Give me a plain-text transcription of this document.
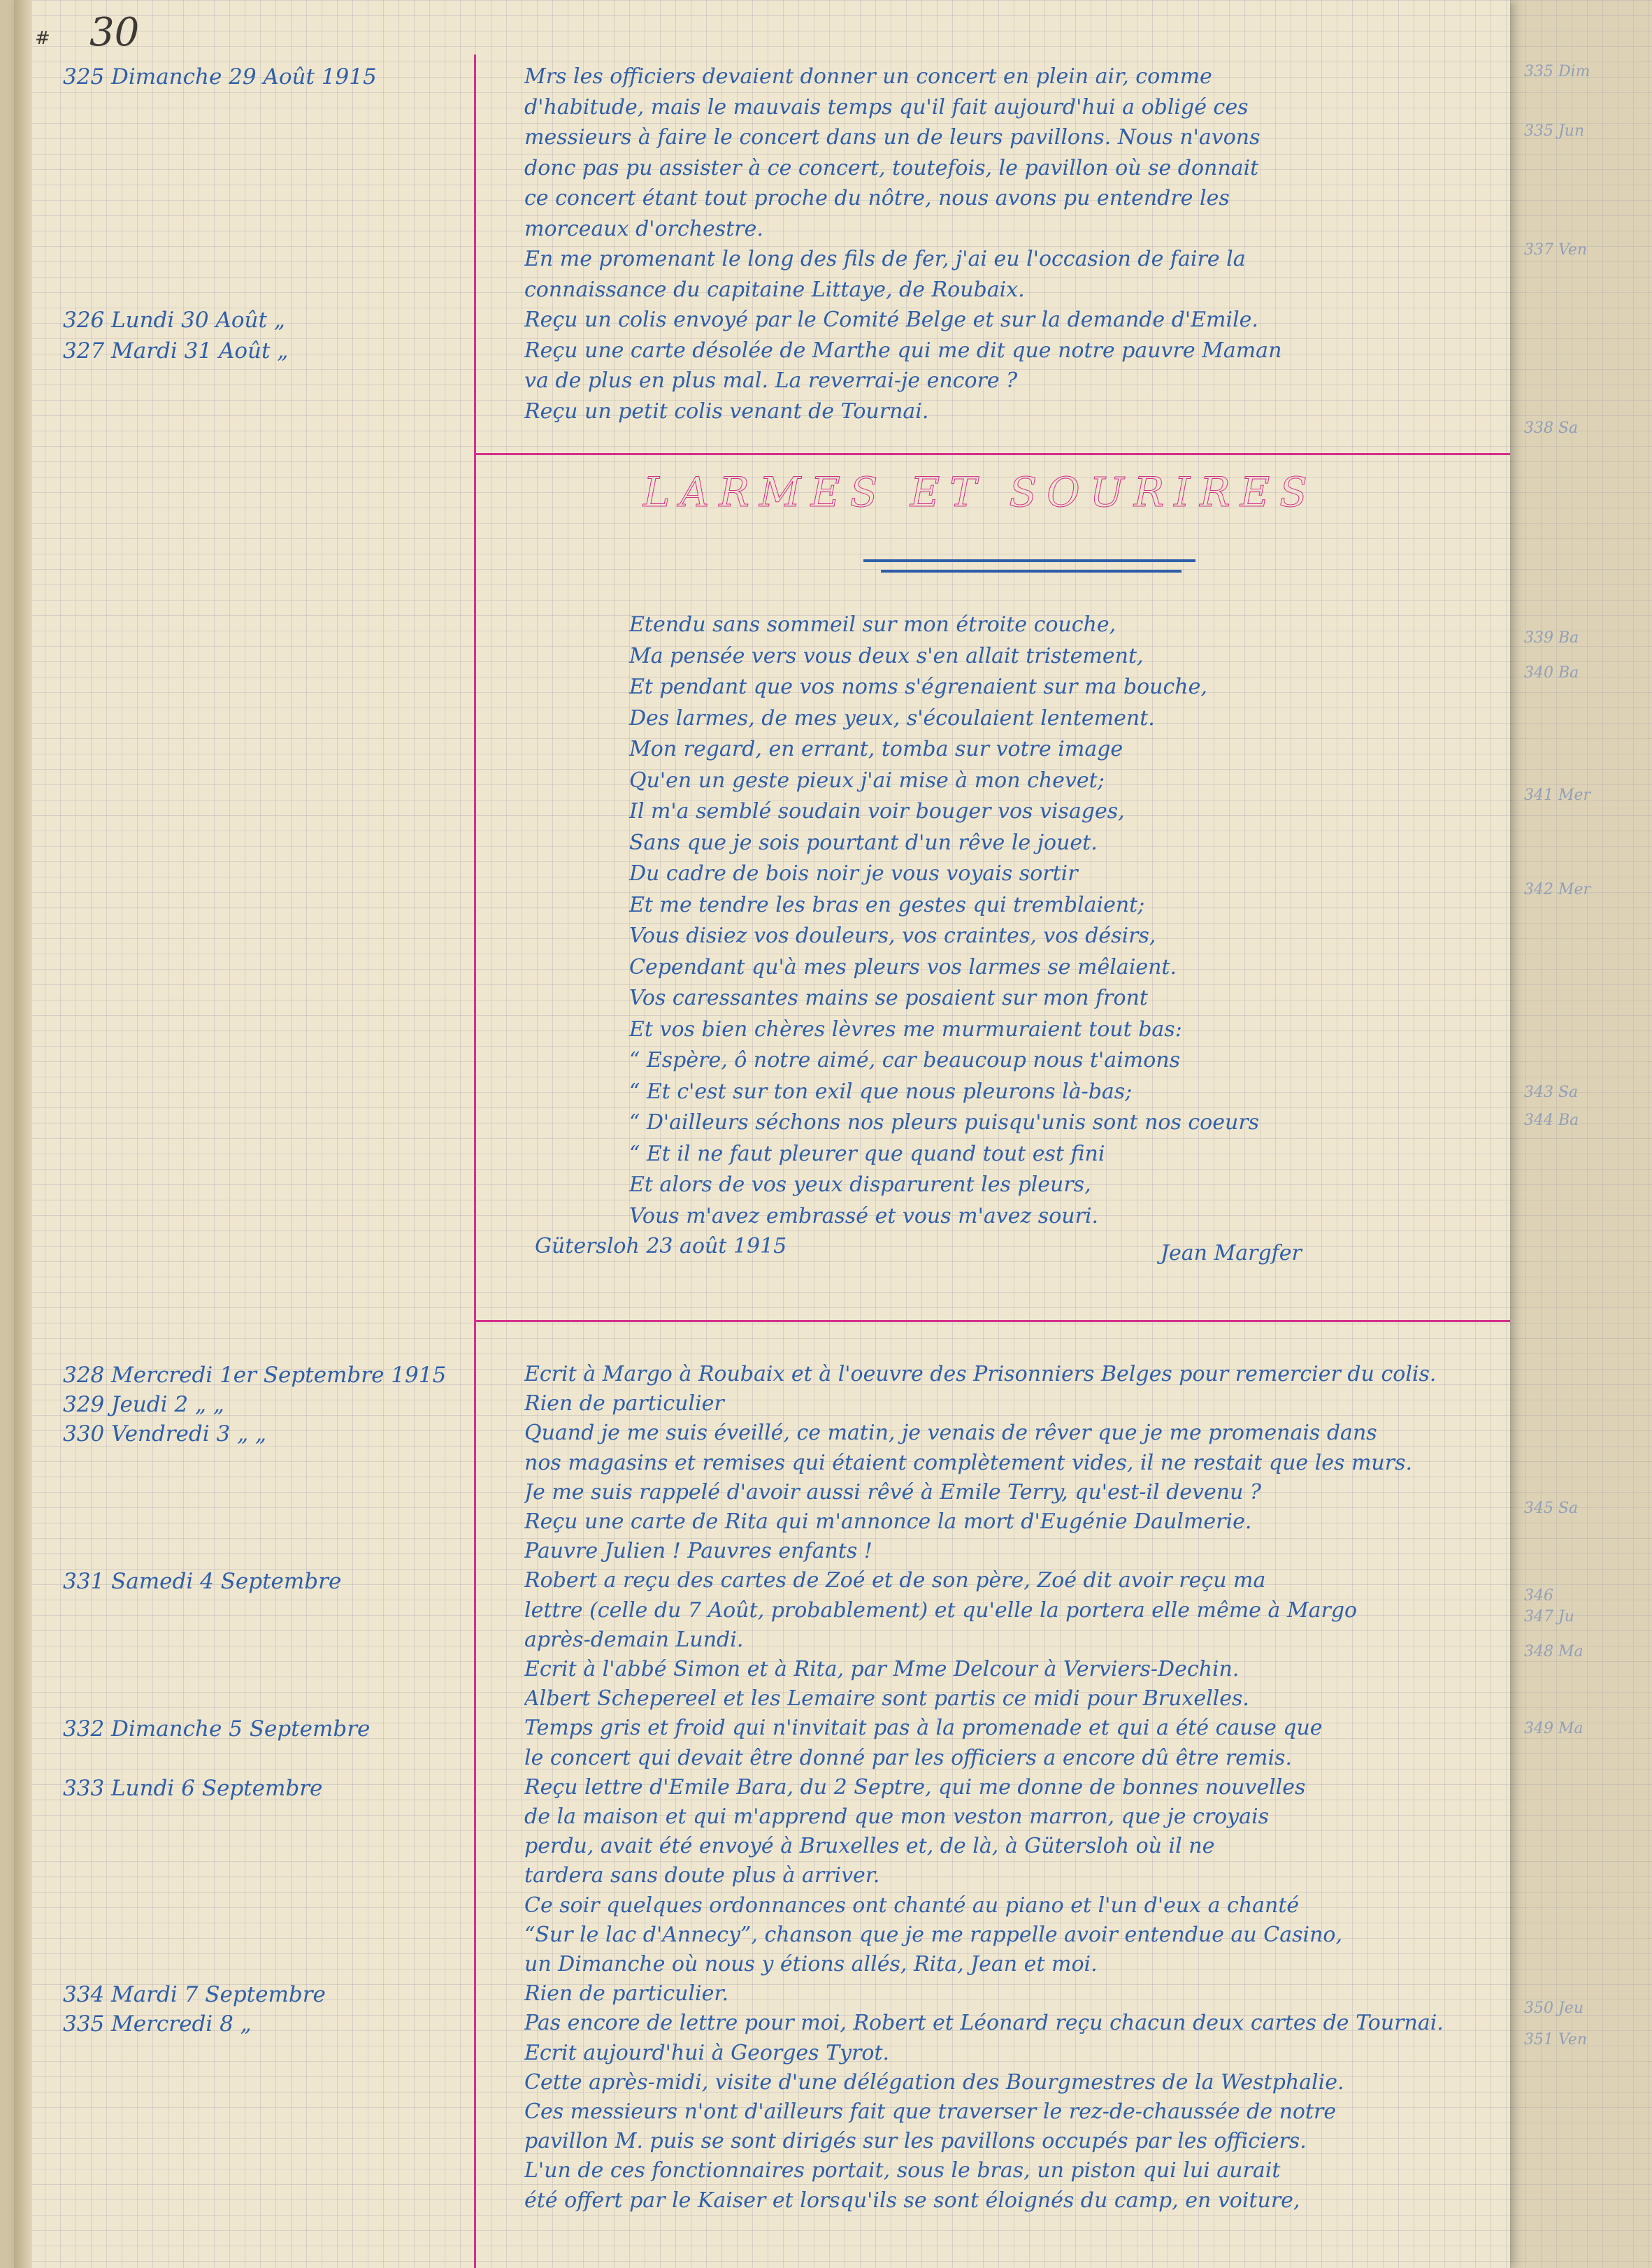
335 Dim
335 Jun
337 Ven
338 Sa
339 Ba
340 Ba
341 Mer
342 Mer
343 Sa
344 Ba
345 Sa
346
347 Ju
348 Ma
349 Ma
350 Jeu
351 Ven
30
#
325 Dimanche 29 Août 1915
326 Lundi 30 Août „
327 Mardi 31 Août „
Mrs les officiers devaient donner un concert en plein air, comme
d'habitude, mais le mauvais temps qu'il fait aujourd'hui a obligé ces
messieurs à faire le concert dans un de leurs pavillons. Nous n'avons
donc pas pu assister à ce concert, toutefois, le pavillon où se donnait
ce concert étant tout proche du nôtre, nous avons pu entendre les
morceaux d'orchestre.
En me promenant le long des fils de fer, j'ai eu l'occasion de faire la
connaissance du capitaine Littaye, de Roubaix.
Reçu un colis envoyé par le Comité Belge et sur la demande d'Emile.
Reçu une carte désolée de Marthe qui me dit que notre pauvre Maman
va de plus en plus mal. La reverrai-je encore ?
Reçu un petit colis venant de Tournai.
LARMES ET SOURIRES
Etendu sans sommeil sur mon étroite couche,
Ma pensée vers vous deux s'en allait tristement,
Et pendant que vos noms s'égrenaient sur ma bouche,
Des larmes, de mes yeux, s'écoulaient lentement.
Mon regard, en errant, tomba sur votre image
Qu'en un geste pieux j'ai mise à mon chevet;
Il m'a semblé soudain voir bouger vos visages,
Sans que je sois pourtant d'un rêve le jouet.
Du cadre de bois noir je vous voyais sortir
Et me tendre les bras en gestes qui tremblaient;
Vous disiez vos douleurs, vos craintes, vos désirs,
Cependant qu'à mes pleurs vos larmes se mêlaient.
Vos caressantes mains se posaient sur mon front
Et vos bien chères lèvres me murmuraient tout bas:
“ Espère, ô notre aimé, car beaucoup nous t'aimons
“ Et c'est sur ton exil que nous pleurons là-bas;
“ D'ailleurs séchons nos pleurs puisqu'unis sont nos coeurs
“ Et il ne faut pleurer que quand tout est fini
Et alors de vos yeux disparurent les pleurs,
Vous m'avez embrassé et vous m'avez souri.
Gütersloh 23 août 1915	Jean Margfer
328 Mercredi 1er Septembre 1915
329 Jeudi 2 „ „
330 Vendredi 3 „ „
331 Samedi 4 Septembre
332 Dimanche 5 Septembre
333 Lundi 6 Septembre
334 Mardi 7 Septembre
335 Mercredi 8 „
Ecrit à Margo à Roubaix et à l'oeuvre des Prisonniers Belges pour remercier du colis.
Rien de particulier
Quand je me suis éveillé, ce matin, je venais de rêver que je me promenais dans
nos magasins et remises qui étaient complètement vides, il ne restait que les murs.
Je me suis rappelé d'avoir aussi rêvé à Emile Terry, qu'est-il devenu ?
Reçu une carte de Rita qui m'annonce la mort d'Eugénie Daulmerie.
Pauvre Julien ! Pauvres enfants !
Robert a reçu des cartes de Zoé et de son père, Zoé dit avoir reçu ma
lettre (celle du 7 Août, probablement) et qu'elle la portera elle même à Margo
après-demain Lundi.
Ecrit à l'abbé Simon et à Rita, par Mme Delcour à Verviers-Dechin.
Albert Schepereel et les Lemaire sont partis ce midi pour Bruxelles.
Temps gris et froid qui n'invitait pas à la promenade et qui a été cause que
le concert qui devait être donné par les officiers a encore dû être remis.
Reçu lettre d'Emile Bara, du 2 Septre, qui me donne de bonnes nouvelles
de la maison et qui m'apprend que mon veston marron, que je croyais
perdu, avait été envoyé à Bruxelles et, de là, à Gütersloh où il ne
tardera sans doute plus à arriver.
Ce soir quelques ordonnances ont chanté au piano et l'un d'eux a chanté
“Sur le lac d'Annecy”, chanson que je me rappelle avoir entendue au Casino,
un Dimanche où nous y étions allés, Rita, Jean et moi.
Rien de particulier.
Pas encore de lettre pour moi, Robert et Léonard reçu chacun deux cartes de Tournai.
Ecrit aujourd'hui à Georges Tyrot.
Cette après-midi, visite d'une délégation des Bourgmestres de la Westphalie.
Ces messieurs n'ont d'ailleurs fait que traverser le rez-de-chaussée de notre
pavillon M. puis se sont dirigés sur les pavillons occupés par les officiers.
L'un de ces fonctionnaires portait, sous le bras, un piston qui lui aurait
été offert par le Kaiser et lorsqu'ils se sont éloignés du camp, en voiture,
